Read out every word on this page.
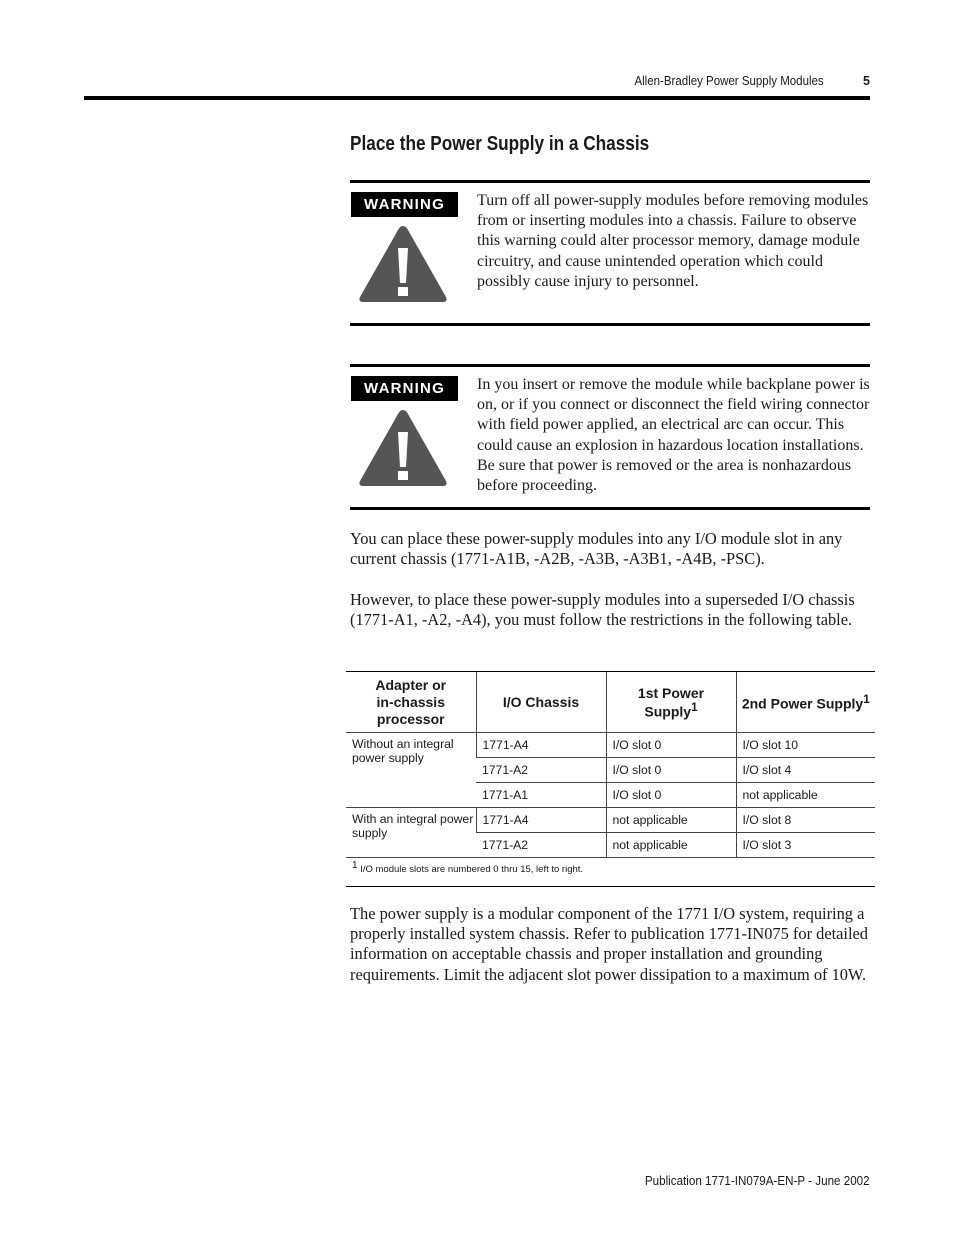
Allen-Bradley Power Supply Modules	5
Place the Power Supply in a Chassis
WARNING	Turn off all power-supply modules before removing modules from or inserting modules into a chassis. Failure to observe this warning could alter processor memory, damage module circuitry, and cause unintended operation which could possibly cause injury to personnel.
WARNING	In you insert or remove the module while backplane power is on, or if you connect or disconnect the field wiring connector with field power applied, an electrical arc can occur. This could cause an explosion in hazardous location installations. Be sure that power is removed or the area is nonhazardous before proceeding.
You can place these power-supply modules into any I/O module slot in any current chassis (1771-A1B, -A2B, -A3B, -A3B1, -A4B, -PSC).
However, to place these power-supply modules into a superseded I/O chassis (1771-A1, -A2, -A4), you must follow the restrictions in the following table.
Adapter or in-chassis processor	I/O Chassis	1st Power Supply$^1$	2nd Power Supply$^1$
Without an integral power supply	1771-A4	I/O slot 0	I/O slot 10
	1771-A2	I/O slot 0	I/O slot 4
	1771-A1	I/O slot 0	not applicable
With an integral power supply	1771-A4	not applicable	I/O slot 8
	1771-A2	not applicable	I/O slot 3
$^1$ I/O module slots are numbered 0 thru 15, left to right.			
The power supply is a modular component of the 1771 I/O system, requiring a properly installed system chassis. Refer to publication 1771-IN075 for detailed information on acceptable chassis and proper installation and grounding requirements. Limit the adjacent slot power dissipation to a maximum of 10W.
Publication 1771-IN079A-EN-P - June 2002
